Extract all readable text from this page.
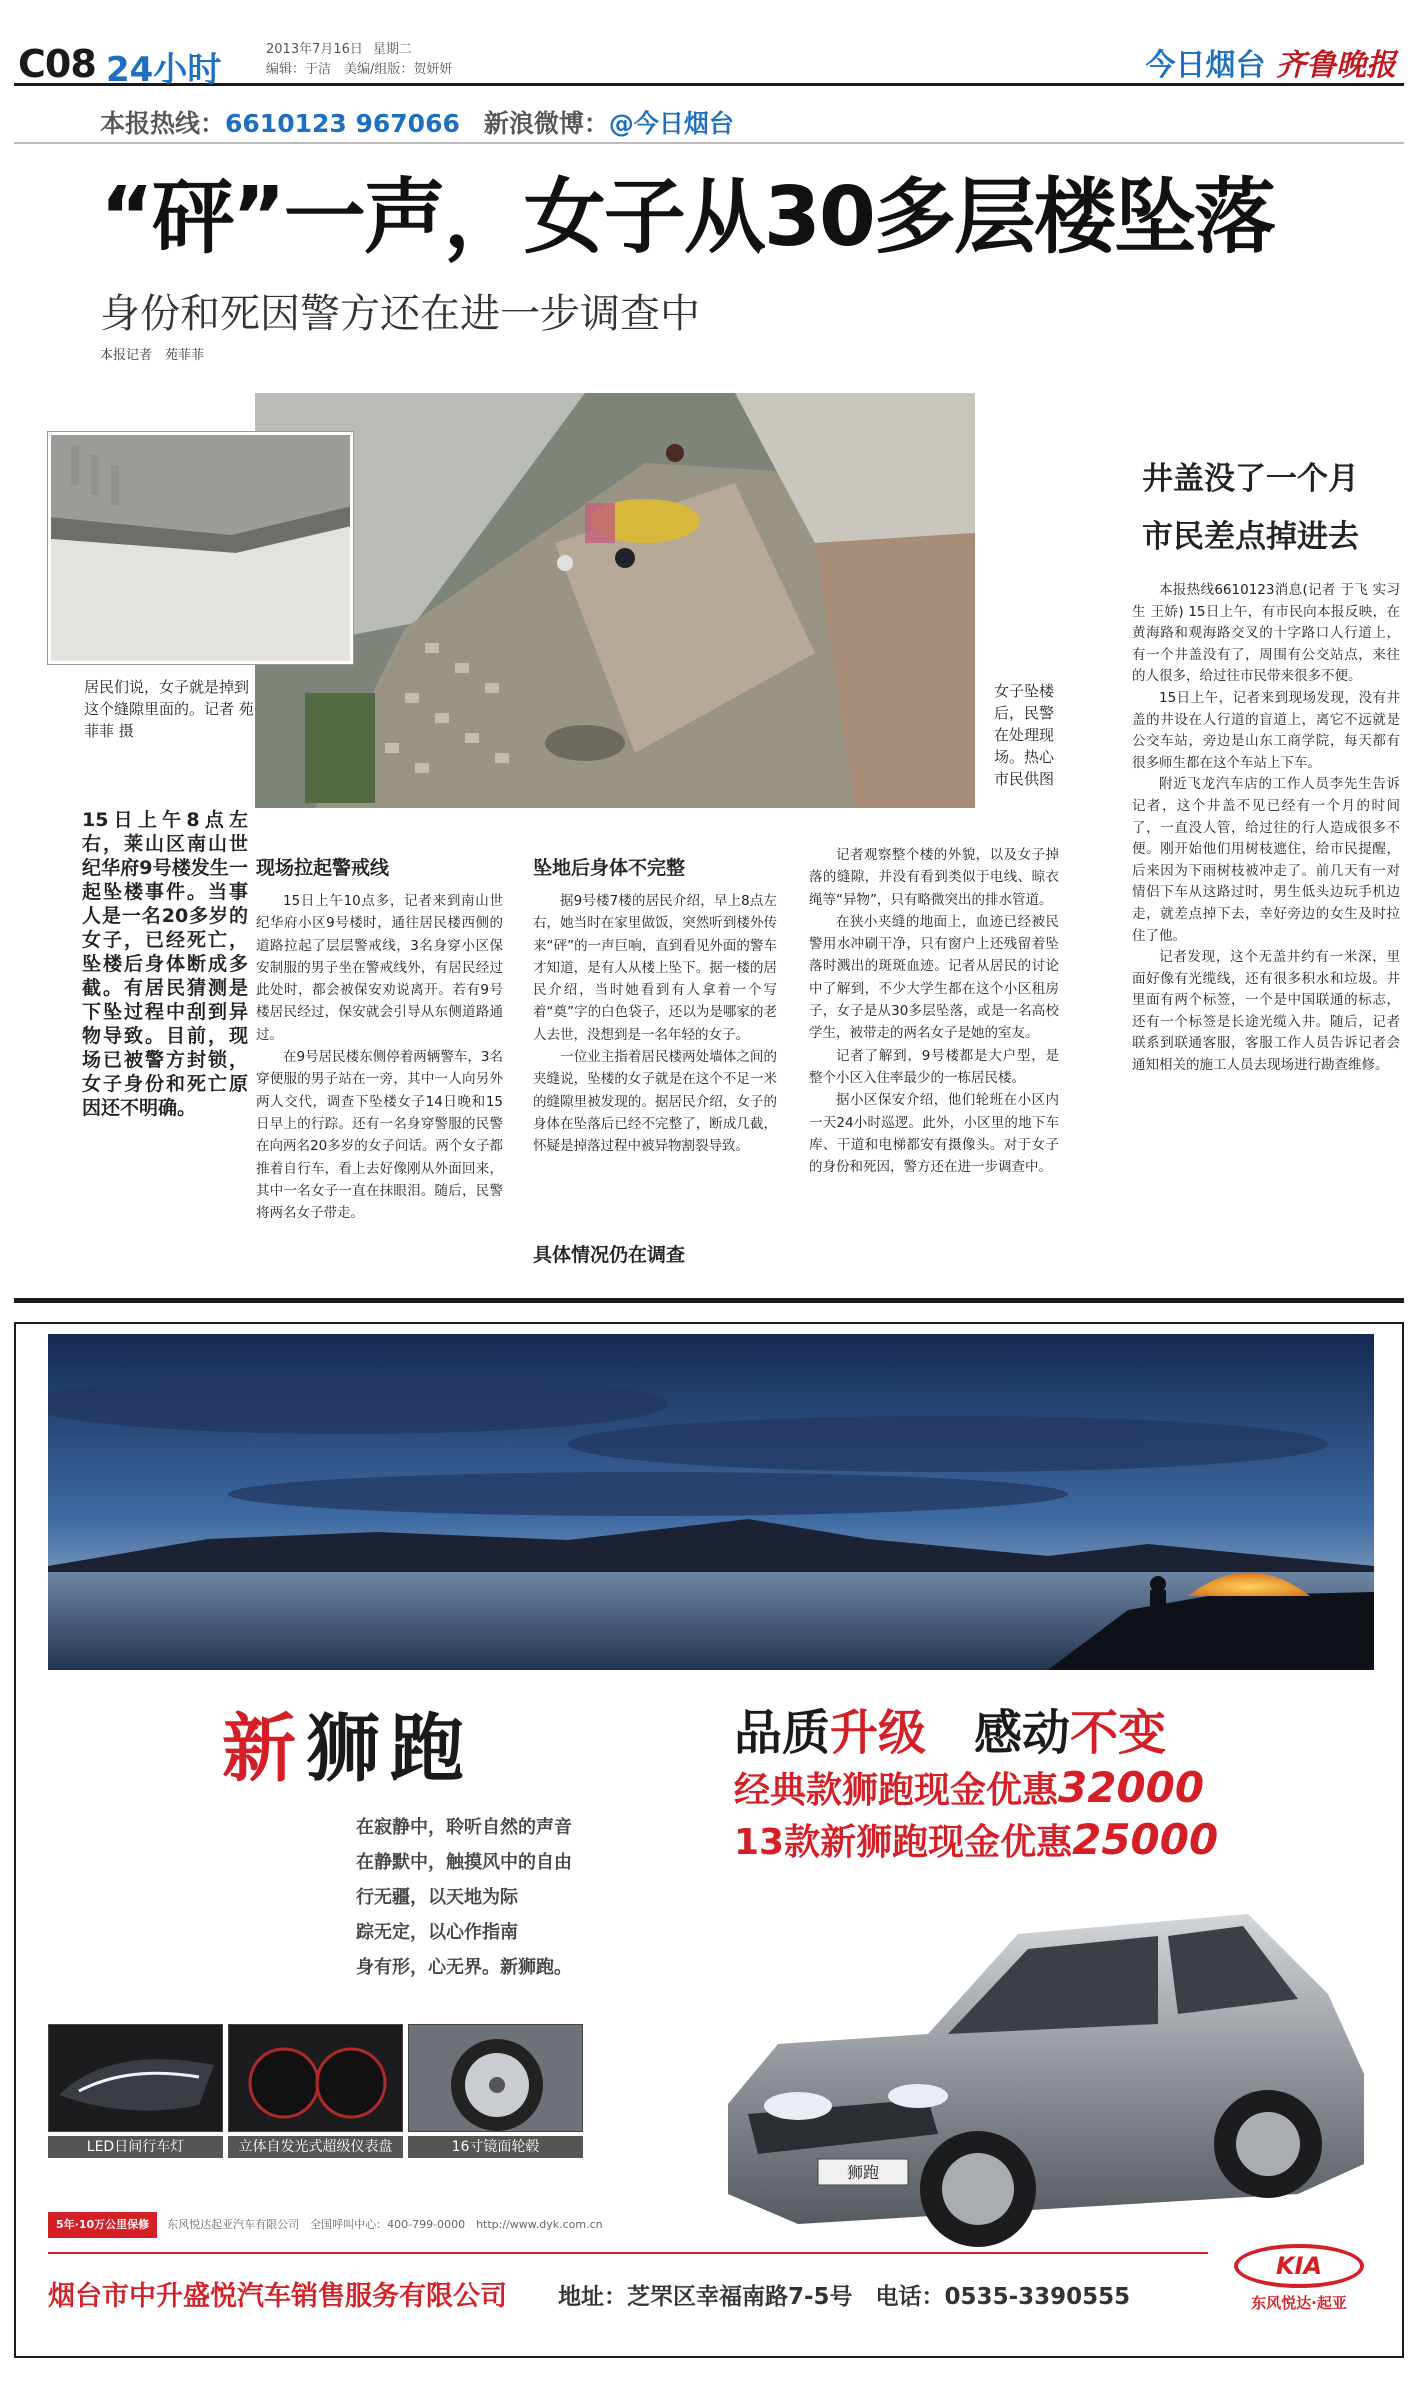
C08 24小时
2013年7月16日 星期二
编辑：于洁　美编/组版：贺妍妍	今日烟台 齐鲁晚报
本报热线：6610123 967066 新浪微博：@今日烟台
“砰”一声，女子从30多层楼坠落
身份和死因警方还在进一步调查中
本报记者　苑菲菲
居民们说，女子就是掉到这个缝隙里面的。记者 苑菲菲 摄
女子坠楼后，民警在处理现场。热心市民供图
15日上午8点左右，莱山区南山世纪华府9号楼发生一起坠楼事件。当事人是一名20多岁的女子，已经死亡，坠楼后身体断成多截。有居民猜测是下坠过程中刮到异物导致。目前，现场已被警方封锁，女子身份和死亡原因还不明确。
现场拉起警戒线

15日上午10点多，记者来到南山世纪华府小区9号楼时，通往居民楼西侧的道路拉起了层层警戒线，3名身穿小区保安制服的男子坐在警戒线外，有居民经过此处时，都会被保安劝说离开。若有9号楼居民经过，保安就会引导从东侧道路通过。

在9号居民楼东侧停着两辆警车，3名穿便服的男子站在一旁，其中一人向另外两人交代，调查下坠楼女子14日晚和15日早上的行踪。还有一名身穿警服的民警在向两名20多岁的女子问话。两个女子都推着自行车，看上去好像刚从外面回来，其中一名女子一直在抹眼泪。随后，民警将两名女子带走。

坠地后身体不完整

据9号楼7楼的居民介绍，早上8点左右，她当时在家里做饭，突然听到楼外传来“砰”的一声巨响，直到看见外面的警车才知道，是有人从楼上坠下。据一楼的居民介绍，当时她看到有人拿着一个写着“奠”字的白色袋子，还以为是哪家的老人去世，没想到是一名年轻的女子。

一位业主指着居民楼两处墙体之间的夹缝说，坠楼的女子就是在这个不足一米的缝隙里被发现的。据居民介绍，女子的身体在坠落后已经不完整了，断成几截，怀疑是掉落过程中被异物割裂导致。

具体情况仍在调查

记者观察整个楼的外貌，以及女子掉落的缝隙，并没有看到类似于电线、晾衣绳等“异物”，只有略微突出的排水管道。

在狭小夹缝的地面上，血迹已经被民警用水冲刷干净，只有窗户上还残留着坠落时溅出的斑斑血迹。记者从居民的讨论中了解到，不少大学生都在这个小区租房子，女子是从30多层坠落，或是一名高校学生，被带走的两名女子是她的室友。

记者了解到，9号楼都是大户型，是整个小区入住率最少的一栋居民楼。

据小区保安介绍，他们轮班在小区内一天24小时巡逻。此外，小区里的地下车库、干道和电梯都安有摄像头。对于女子的身份和死因，警方还在进一步调查中。

井盖没了一个月
市民差点掉进去

本报热线6610123消息(记者 于飞 实习生 王娇) 15日上午，有市民向本报反映，在黄海路和观海路交叉的十字路口人行道上，有一个井盖没有了，周围有公交站点，来往的人很多，给过往市民带来很多不便。

15日上午，记者来到现场发现，没有井盖的井设在人行道的盲道上，离它不远就是公交车站，旁边是山东工商学院，每天都有很多师生都在这个车站上下车。

附近飞龙汽车店的工作人员李先生告诉记者，这个井盖不见已经有一个月的时间了，一直没人管，给过往的行人造成很多不便。刚开始他们用树枝遮住，给市民提醒，后来因为下雨树枝被冲走了。前几天有一对情侣下车从这路过时，男生低头边玩手机边走，就差点掉下去，幸好旁边的女生及时拉住了他。

记者发现，这个无盖井约有一米深，里面好像有光缆线，还有很多积水和垃圾。井里面有两个标签，一个是中国联通的标志，还有一个标签是长途光缆入井。随后，记者联系到联通客服，客服工作人员告诉记者会通知相关的施工人员去现场进行勘查维修。

新狮跑
在寂静中，聆听自然的声音
在静默中，触摸风中的自由
行无疆，以天地为际
踪无定，以心作指南
身有形，心无界。新狮跑。
品质升级　 感动不变
经典款狮跑现金优惠32000
13款新狮跑现金优惠25000
狮跑
LED日间行车灯	立体自发光式超级仪表盘	16寸镜面轮毂
5年·10万公里保修 东风悦达起亚汽车有限公司　全国呼叫中心：400-799-0000　http://www.dyk.com.cn
烟台市中升盛悦汽车销售服务有限公司 地址：芝罘区幸福南路7-5号　电话：0535-3390555
KIA
东风悦达·起亚
